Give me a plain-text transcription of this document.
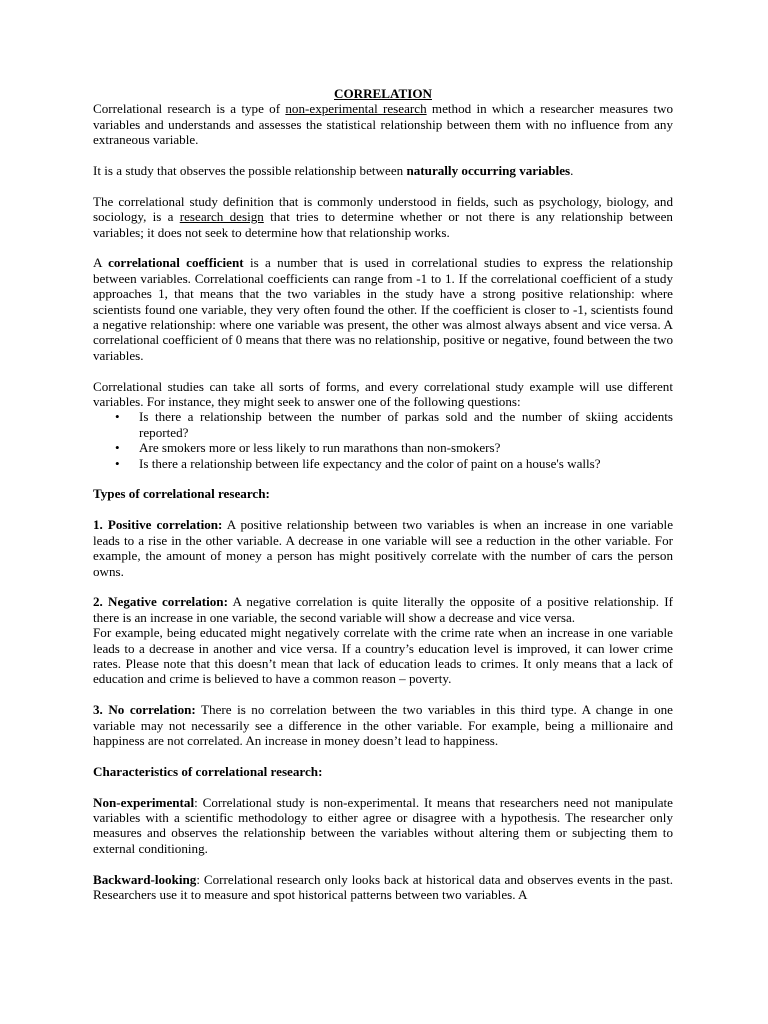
CORRELATION

Correlational research is a type of non-experimental research method in which a researcher measures two variables and understands and assesses the statistical relationship between them with no influence from any extraneous variable.

It is a study that observes the possible relationship between naturally occurring variables.

The correlational study definition that is commonly understood in fields, such as psychology, biology, and sociology, is a research design that tries to determine whether or not there is any relationship between variables; it does not seek to determine how that relationship works.

A correlational coefficient is a number that is used in correlational studies to express the relationship between variables. Correlational coefficients can range from -1 to 1. If the correlational coefficient of a study approaches 1, that means that the two variables in the study have a strong positive relationship: where scientists found one variable, they very often found the other. If the coefficient is closer to -1, scientists found a negative relationship: where one variable was present, the other was almost always absent and vice versa. A correlational coefficient of 0 means that there was no relationship, positive or negative, found between the two variables.

Correlational studies can take all sorts of forms, and every correlational study example will use different variables. For instance, they might seek to answer one of the following questions:

• Is there a relationship between the number of parkas sold and the number of skiing accidents reported?
• Are smokers more or less likely to run marathons than non-smokers?
• Is there a relationship between life expectancy and the color of paint on a house's walls?

Types of correlational research:

1. Positive correlation: A positive relationship between two variables is when an increase in one variable leads to a rise in the other variable. A decrease in one variable will see a reduction in the other variable. For example, the amount of money a person has might positively correlate with the number of cars the person owns.

2. Negative correlation: A negative correlation is quite literally the opposite of a positive relationship. If there is an increase in one variable, the second variable will show a decrease and vice versa.

For example, being educated might negatively correlate with the crime rate when an increase in one variable leads to a decrease in another and vice versa. If a country’s education level is improved, it can lower crime rates. Please note that this doesn’t mean that lack of education leads to crimes. It only means that a lack of education and crime is believed to have a common reason – poverty.

3. No correlation: There is no correlation between the two variables in this third type. A change in one variable may not necessarily see a difference in the other variable. For example, being a millionaire and happiness are not correlated. An increase in money doesn’t lead to happiness.

Characteristics of correlational research:

Non-experimental: Correlational study is non-experimental. It means that researchers need not manipulate variables with a scientific methodology to either agree or disagree with a hypothesis. The researcher only measures and observes the relationship between the variables without altering them or subjecting them to external conditioning.

Backward-looking: Correlational research only looks back at historical data and observes events in the past. Researchers use it to measure and spot historical patterns between two variables. A
